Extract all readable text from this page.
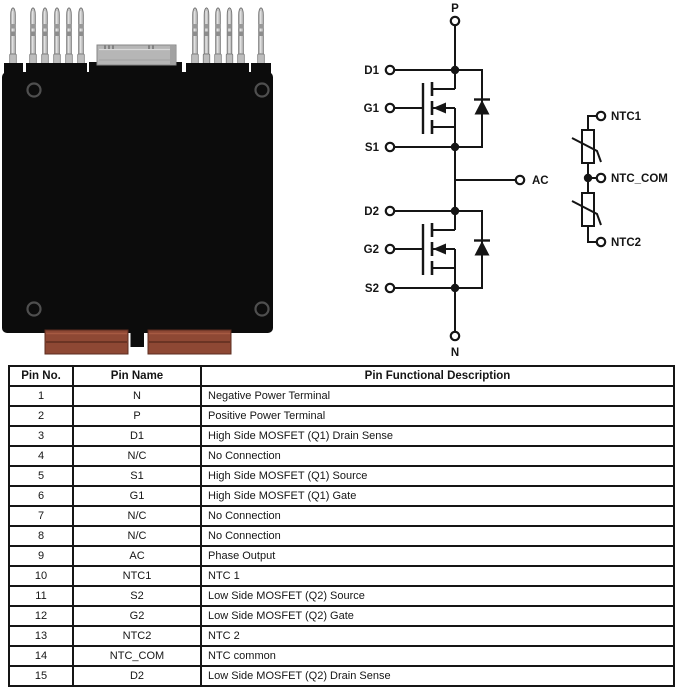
P
D1
G1
S1
AC
D2
G2
S2
N
NTC1
NTC_COM
NTC2
Pin No.	Pin Name	Pin Functional Description
1	N	Negative Power Terminal
2	P	Positive Power Terminal
3	D1	High Side MOSFET (Q1) Drain Sense
4	N/C	No Connection
5	S1	High Side MOSFET (Q1) Source
6	G1	High Side MOSFET (Q1) Gate
7	N/C	No Connection
8	N/C	No Connection
9	AC	Phase Output
10	NTC1	NTC 1
11	S2	Low Side MOSFET (Q2) Source
12	G2	Low Side MOSFET (Q2) Gate
13	NTC2	NTC 2
14	NTC_COM	NTC common
15	D2	Low Side MOSFET (Q2) Drain Sense
